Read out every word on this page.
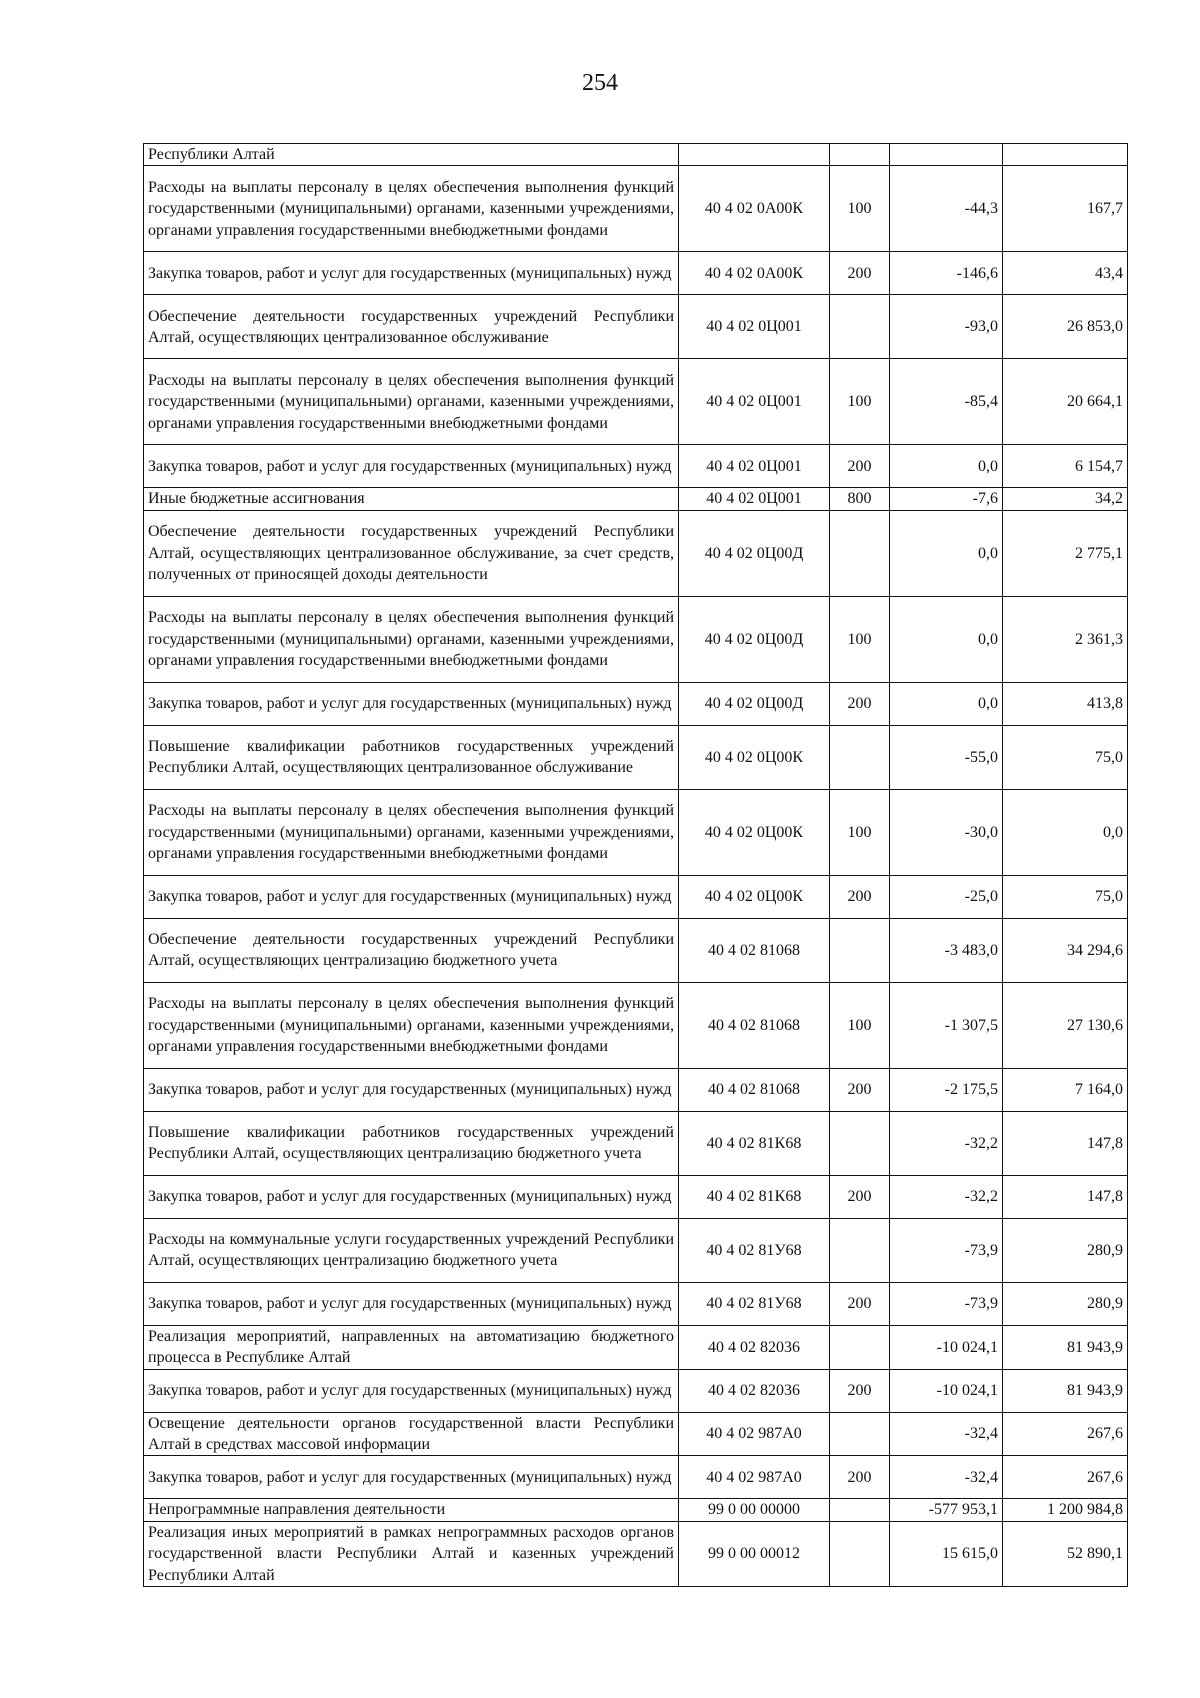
254
Республики Алтай				
Расходы на выплаты персоналу в целях обеспечения выполнения функций государственными (муниципальными) органами, казенными учреждениями, органами управления государственными внебюджетными фондами	40 4 02 0А00К	100	-44,3	167,7
Закупка товаров, работ и услуг для государственных (муниципальных) нужд	40 4 02 0А00К	200	-146,6	43,4
Обеспечение деятельности государственных учреждений Республики Алтай, осуществляющих централизованное обслуживание	40 4 02 0Ц001		-93,0	26 853,0
Расходы на выплаты персоналу в целях обеспечения выполнения функций государственными (муниципальными) органами, казенными учреждениями, органами управления государственными внебюджетными фондами	40 4 02 0Ц001	100	-85,4	20 664,1
Закупка товаров, работ и услуг для государственных (муниципальных) нужд	40 4 02 0Ц001	200	0,0	6 154,7
Иные бюджетные ассигнования	40 4 02 0Ц001	800	-7,6	34,2
Обеспечение деятельности государственных учреждений Республики Алтай, осуществляющих централизованное обслуживание, за счет средств, полученных от приносящей доходы деятельности	40 4 02 0Ц00Д		0,0	2 775,1
Расходы на выплаты персоналу в целях обеспечения выполнения функций государственными (муниципальными) органами, казенными учреждениями, органами управления государственными внебюджетными фондами	40 4 02 0Ц00Д	100	0,0	2 361,3
Закупка товаров, работ и услуг для государственных (муниципальных) нужд	40 4 02 0Ц00Д	200	0,0	413,8
Повышение квалификации работников государственных учреждений Республики Алтай, осуществляющих централизованное обслуживание	40 4 02 0Ц00К		-55,0	75,0
Расходы на выплаты персоналу в целях обеспечения выполнения функций государственными (муниципальными) органами, казенными учреждениями, органами управления государственными внебюджетными фондами	40 4 02 0Ц00К	100	-30,0	0,0
Закупка товаров, работ и услуг для государственных (муниципальных) нужд	40 4 02 0Ц00К	200	-25,0	75,0
Обеспечение деятельности государственных учреждений Республики Алтай, осуществляющих централизацию бюджетного учета	40 4 02 81068		-3 483,0	34 294,6
Расходы на выплаты персоналу в целях обеспечения выполнения функций государственными (муниципальными) органами, казенными учреждениями, органами управления государственными внебюджетными фондами	40 4 02 81068	100	-1 307,5	27 130,6
Закупка товаров, работ и услуг для государственных (муниципальных) нужд	40 4 02 81068	200	-2 175,5	7 164,0
Повышение квалификации работников государственных учреждений Республики Алтай, осуществляющих централизацию бюджетного учета	40 4 02 81К68		-32,2	147,8
Закупка товаров, работ и услуг для государственных (муниципальных) нужд	40 4 02 81К68	200	-32,2	147,8
Расходы на коммунальные услуги государственных учреждений Республики Алтай, осуществляющих централизацию бюджетного учета	40 4 02 81У68		-73,9	280,9
Закупка товаров, работ и услуг для государственных (муниципальных) нужд	40 4 02 81У68	200	-73,9	280,9
Реализация мероприятий, направленных на автоматизацию бюджетного процесса в Республике Алтай	40 4 02 82036		-10 024,1	81 943,9
Закупка товаров, работ и услуг для государственных (муниципальных) нужд	40 4 02 82036	200	-10 024,1	81 943,9
Освещение деятельности органов государственной власти Республики Алтай в средствах массовой информации	40 4 02 987А0		-32,4	267,6
Закупка товаров, работ и услуг для государственных (муниципальных) нужд	40 4 02 987А0	200	-32,4	267,6
Непрограммные направления деятельности	99 0 00 00000		-577 953,1	1 200 984,8
Реализация иных мероприятий в рамках непрограммных расходов органов государственной власти Республики Алтай и казенных учреждений Республики Алтай	99 0 00 00012		15 615,0	52 890,1
